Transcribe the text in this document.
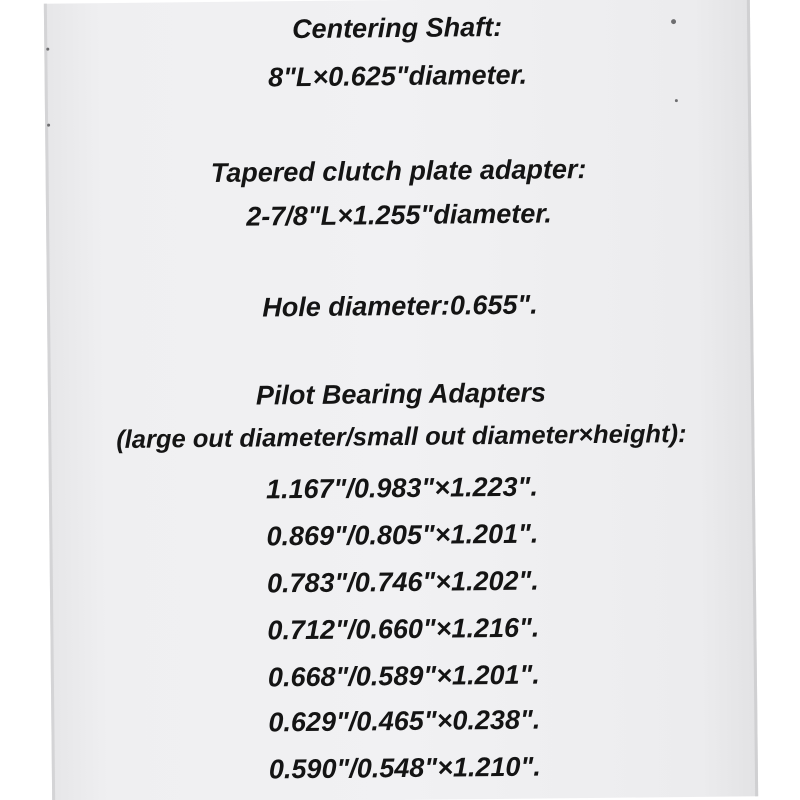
Centering Shaft:
8"L×0.625"diameter.
Tapered clutch plate adapter:
2-7/8"L×1.255"diameter.
Hole diameter:0.655".
Pilot Bearing Adapters
(large out diameter/small out diameter×height):
1.167"/0.983"×1.223".
0.869"/0.805"×1.201".
0.783"/0.746"×1.202".
0.712"/0.660"×1.216".
0.668"/0.589"×1.201".
0.629"/0.465"×0.238".
0.590"/0.548"×1.210".
